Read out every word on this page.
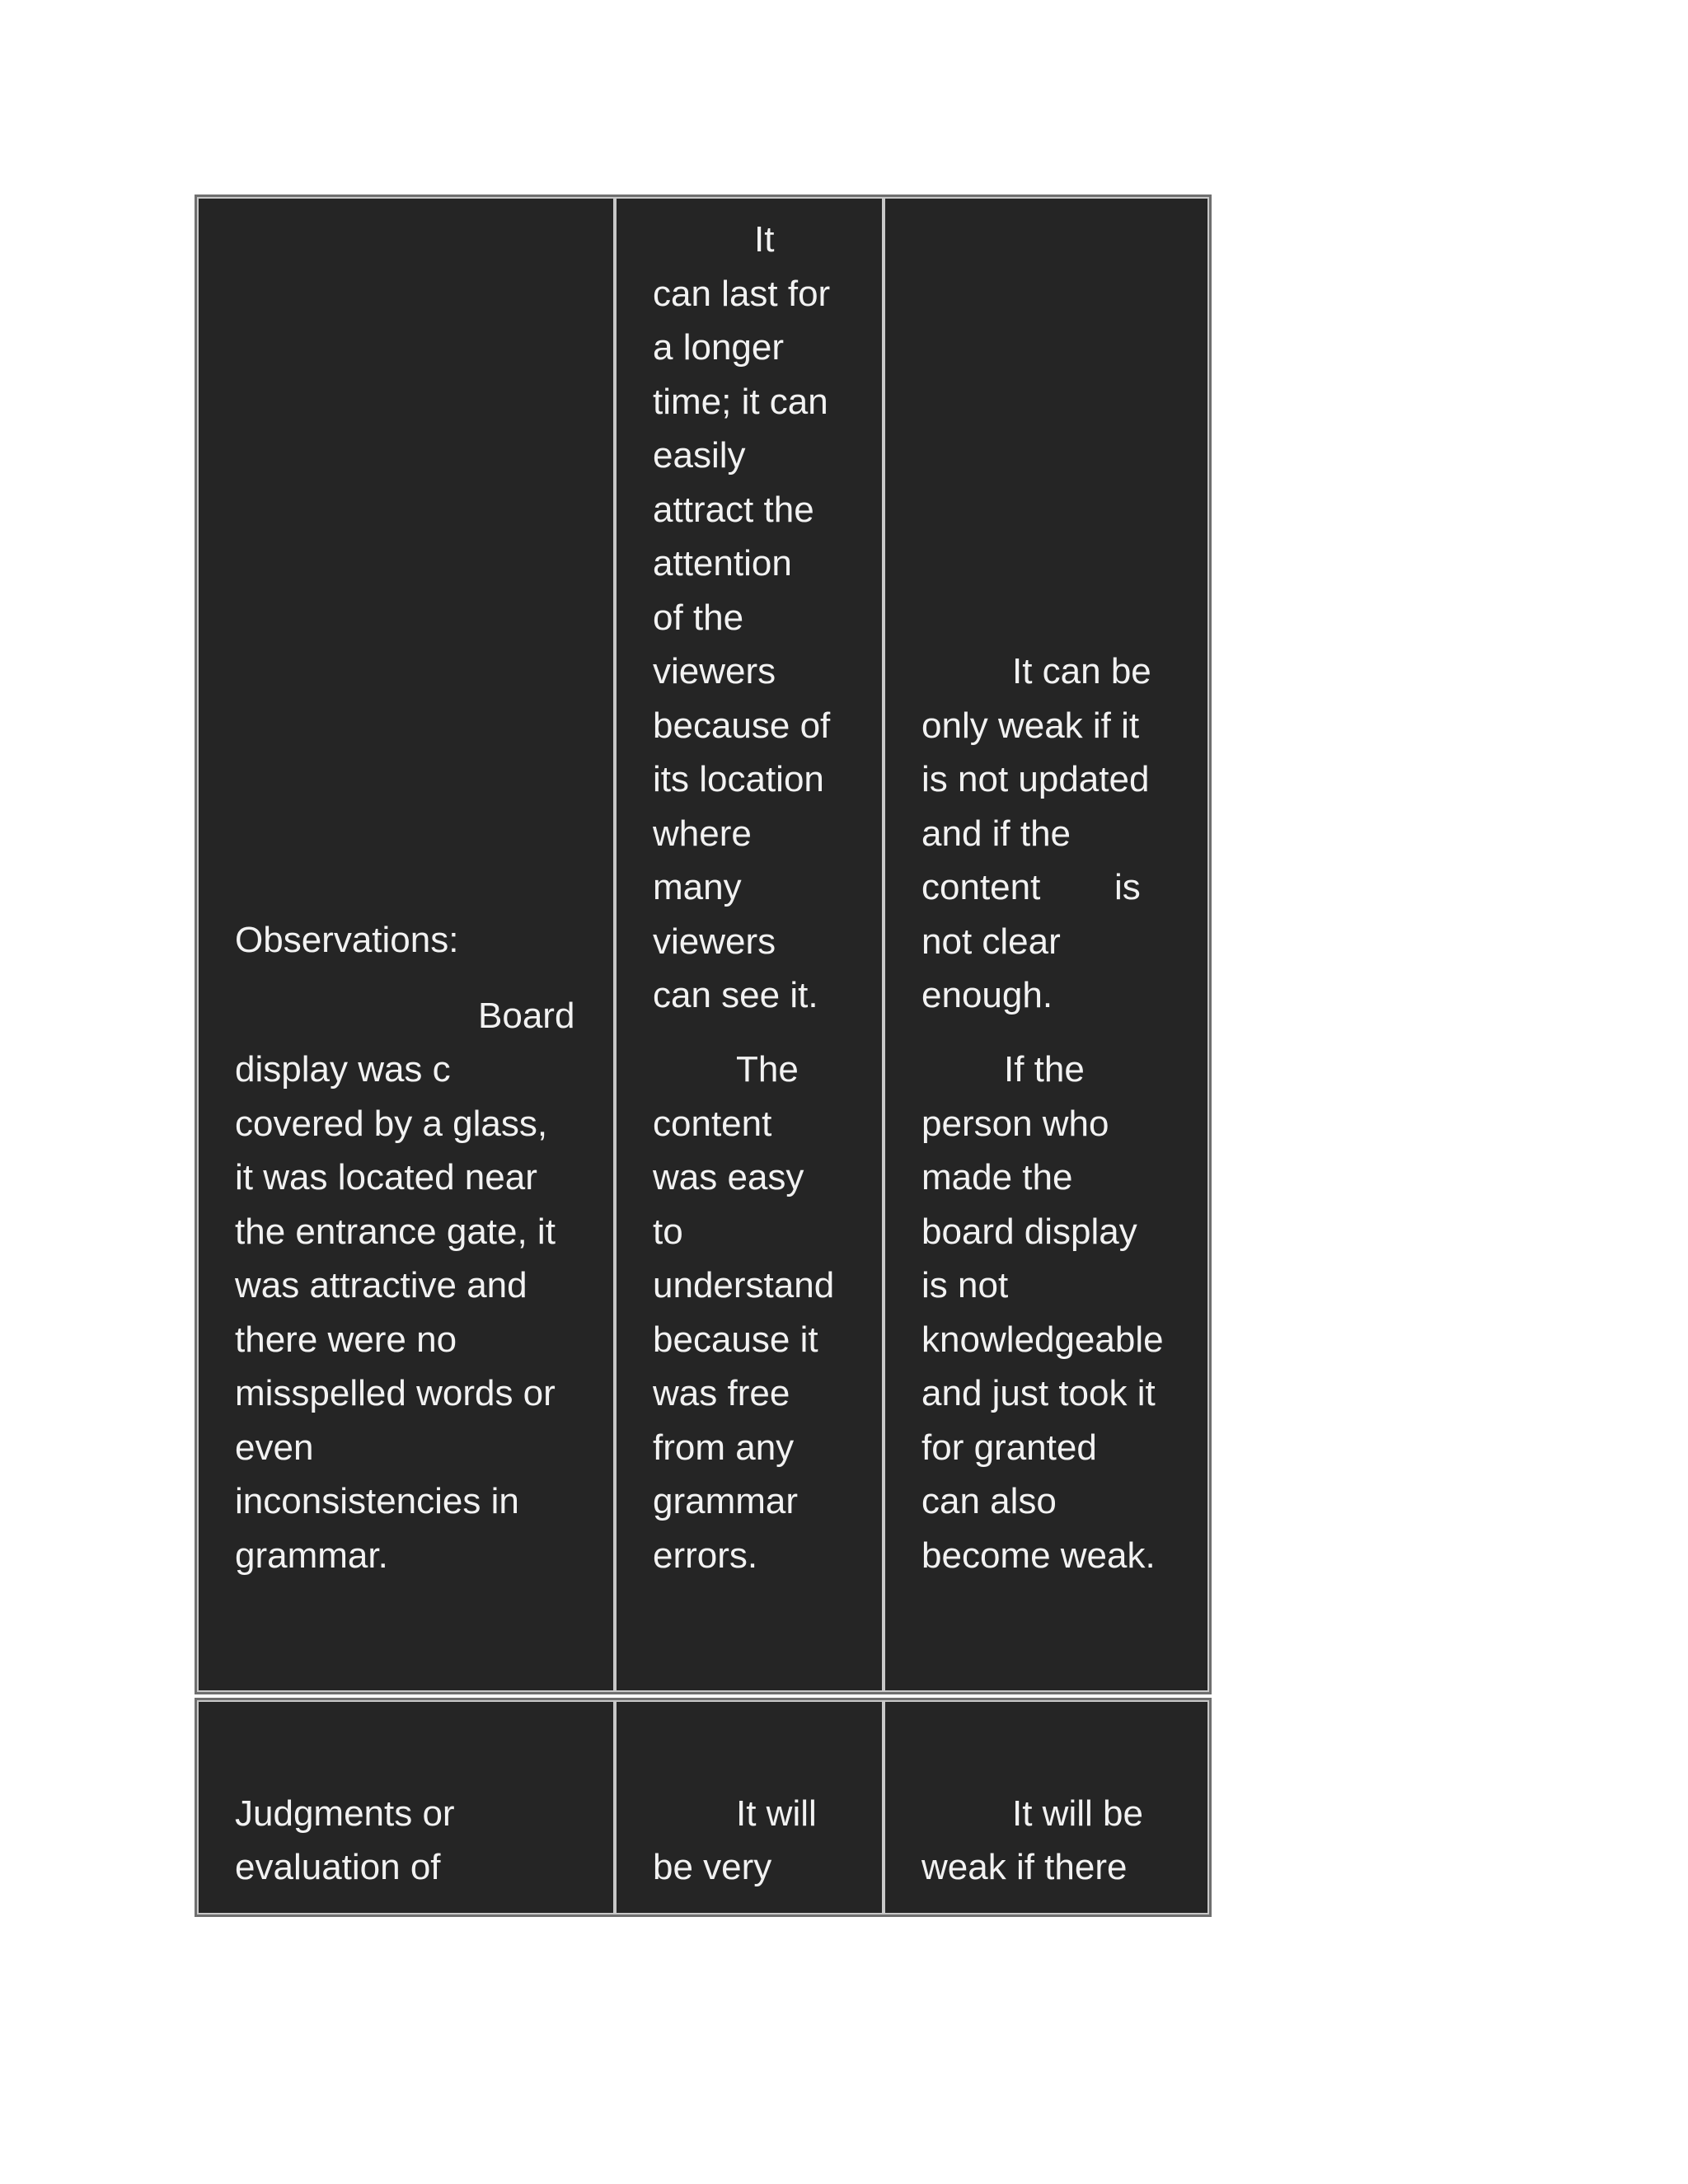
Observations:
Board
display was c
covered by a glass,
it was located near
the entrance gate, it
was attractive and
there were no
misspelled words or
even
inconsistencies in
grammar.
It
can last for
a longer
time; it can
easily
attract the
attention
of the
viewers
because of
its location
where
many
viewers
can see it.
The
content
was easy
to
understand
because it
was free
from any
grammar
errors.
It can be
only weak if it
is not updated
and if the
content is
not clear
enough.
If the
person who
made the
board display
is not
knowledgeable
and just took it
for granted
can also
become weak.
Judgments or
evaluation of
It will
be very
It will be
weak if there
